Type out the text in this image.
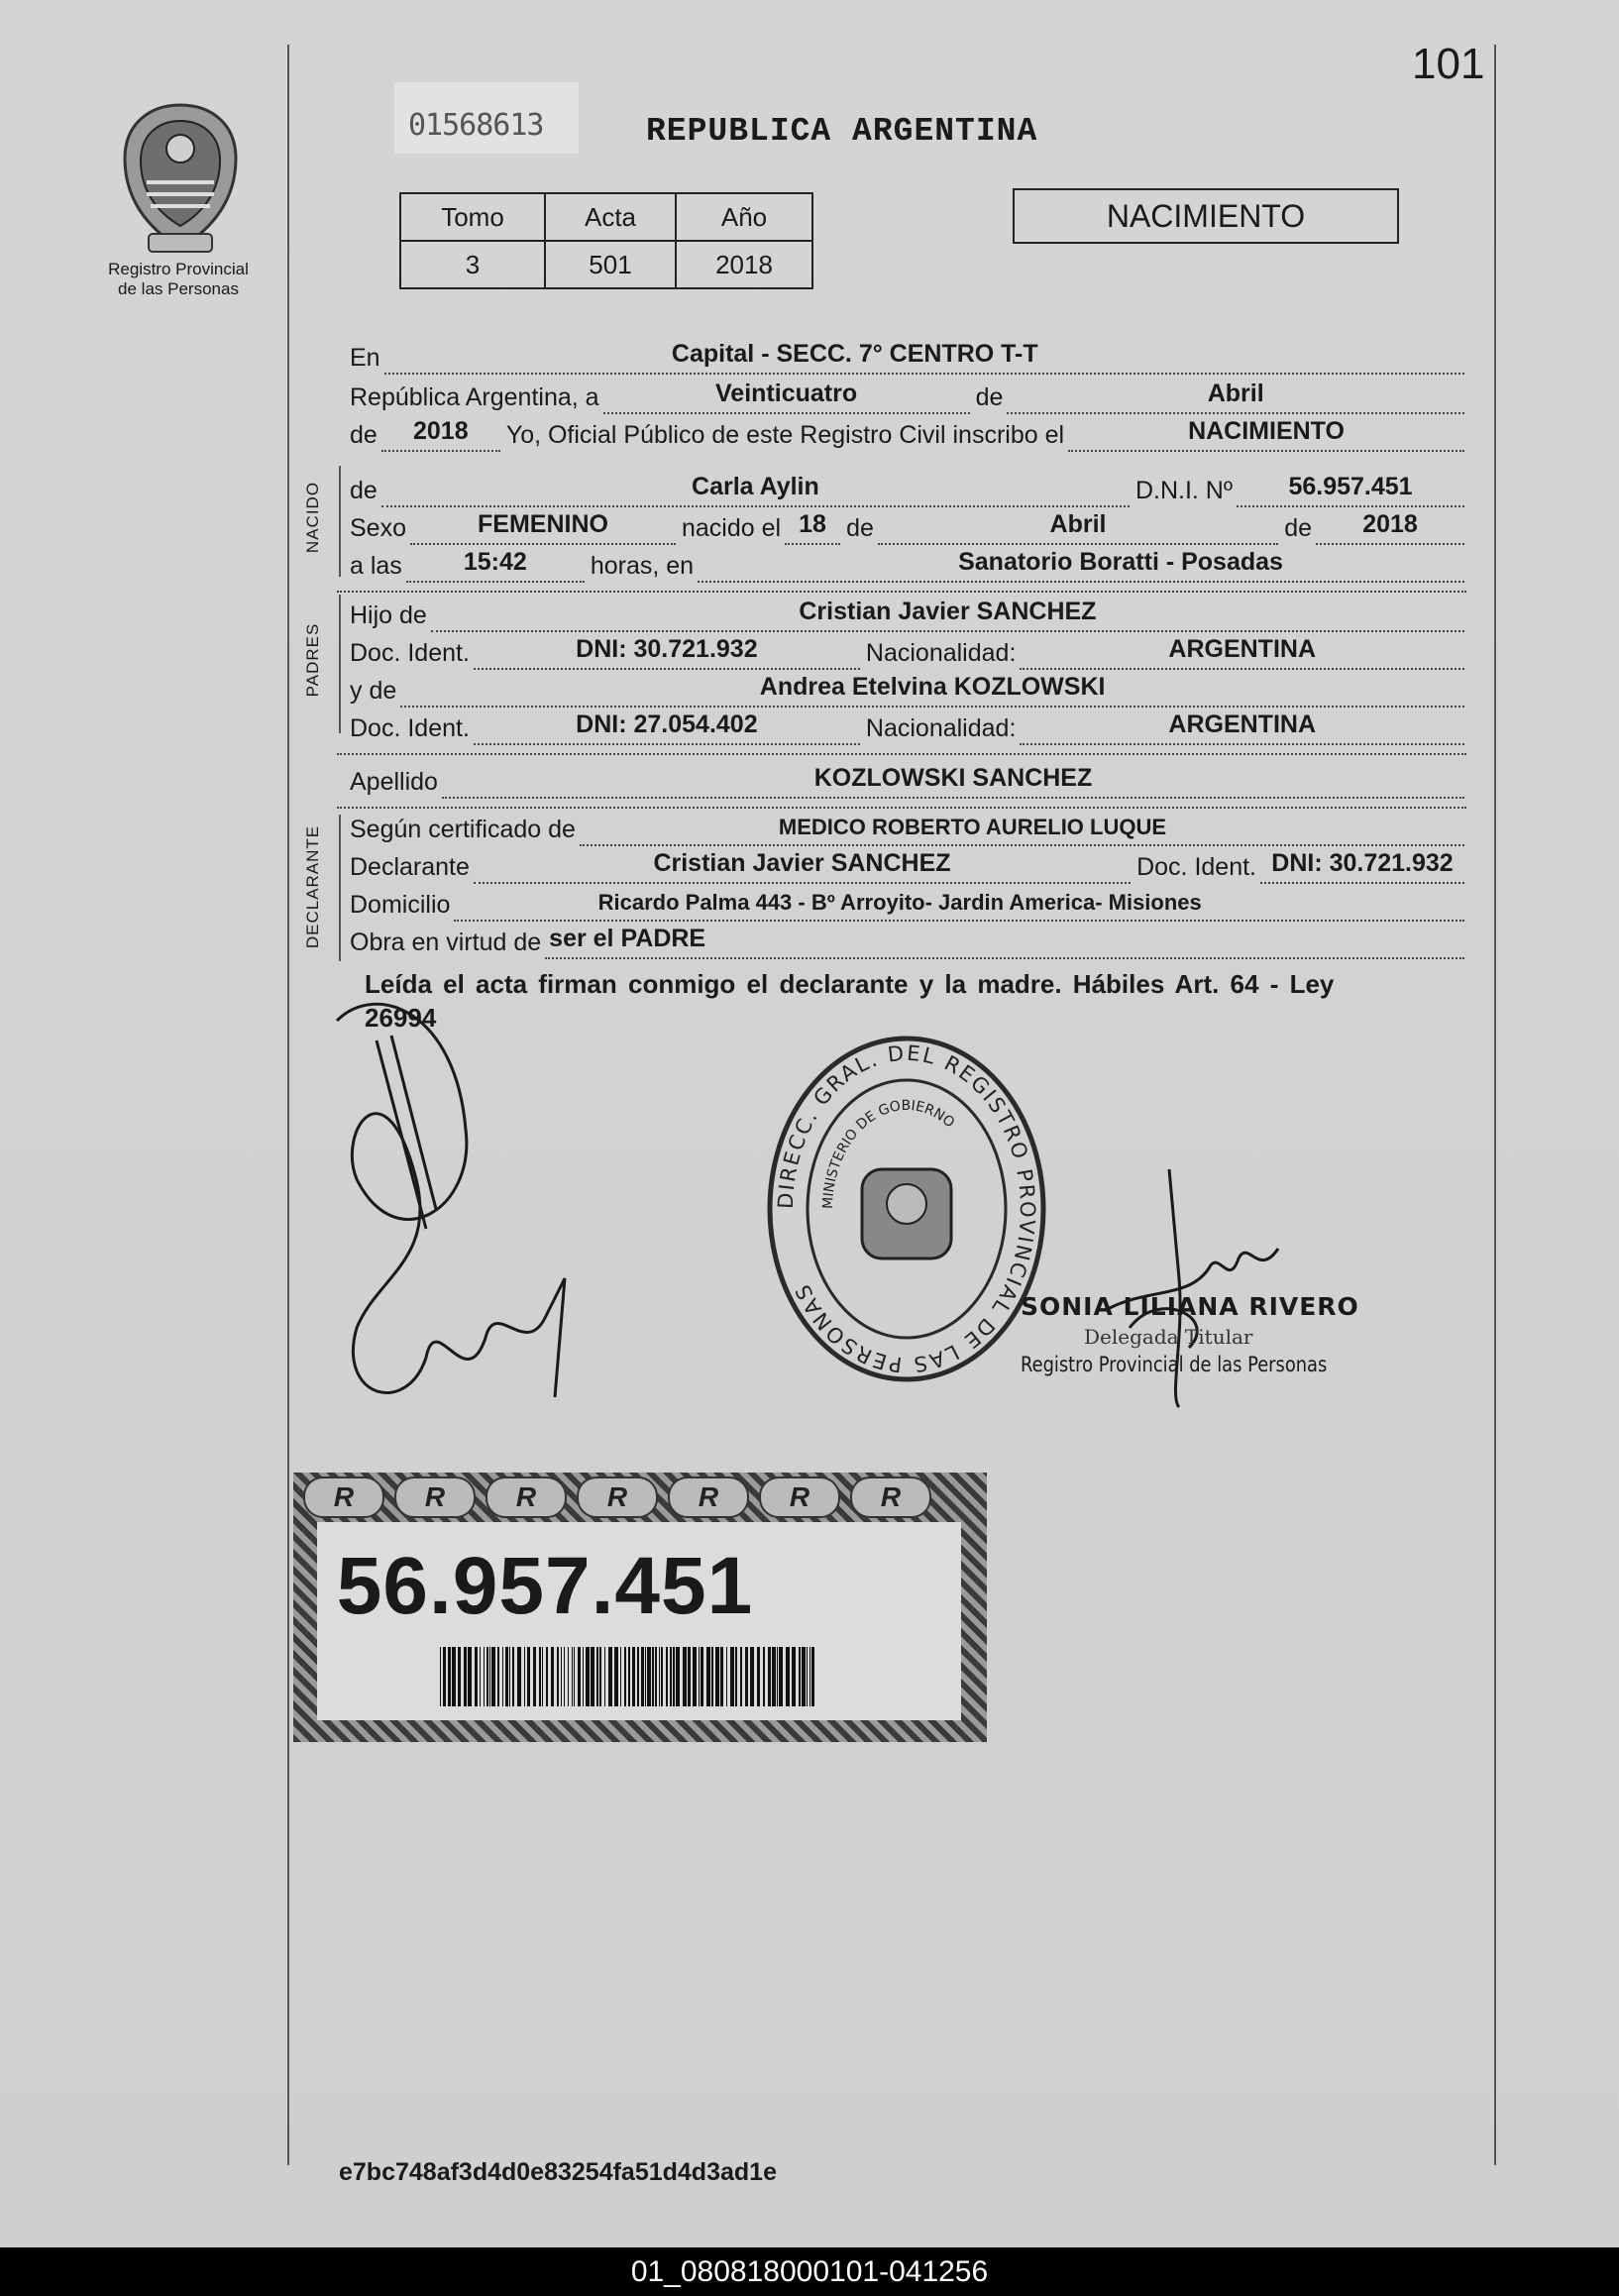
101
Registro Provincial
de las Personas
01568613	REPUBLICA ARGENTINA
Tomo	Acta	Año
3	501	2018
NACIMIENTO
En	Capital - SECC. 7° CENTRO T-T
República Argentina, a	Veinticuatro	de	Abril
de	2018	Yo, Oficial Público de este Registro Civil inscribo el	NACIMIENTO
NACIDO de	Carla Aylin	D.N.I. Nº	56.957.451
Sexo	FEMENINO	nacido el 18 de	Abril	de	2018
a las	15:42	horas, en	Sanatorio Boratti - Posadas
PADRES
Hijo de	Cristian Javier SANCHEZ
Doc. Ident.	DNI: 30.721.932	Nacionalidad:	ARGENTINA
y de	Andrea Etelvina KOZLOWSKI
Doc. Ident.	DNI: 27.054.402	Nacionalidad:	ARGENTINA
Apellido	KOZLOWSKI SANCHEZ
DECLARANTE Según certificado de	MEDICO ROBERTO AURELIO LUQUE
Declarante	Cristian Javier SANCHEZ	Doc. Ident. DNI: 30.721.932
Domicilio	Ricardo Palma 443 - Bº Arroyito- Jardin America- Misiones
Obra en virtud de ser el PADRE
Leída el acta firman conmigo el declarante y la madre. Hábiles Art. 64 - Ley
26994
DIRECC. GRAL. DEL REGISTRO PROVINCIAL DE LAS PERSONAS
MINISTERIO DE GOBIERNO
SONIA LILIANA RIVERO
Delegada Titular
Registro Provincial de las Personas
R	R	R	R	R	R	R
56.957.451
e7bc748af3d4d0e83254fa51d4d3ad1e
01_080818000101-041256
